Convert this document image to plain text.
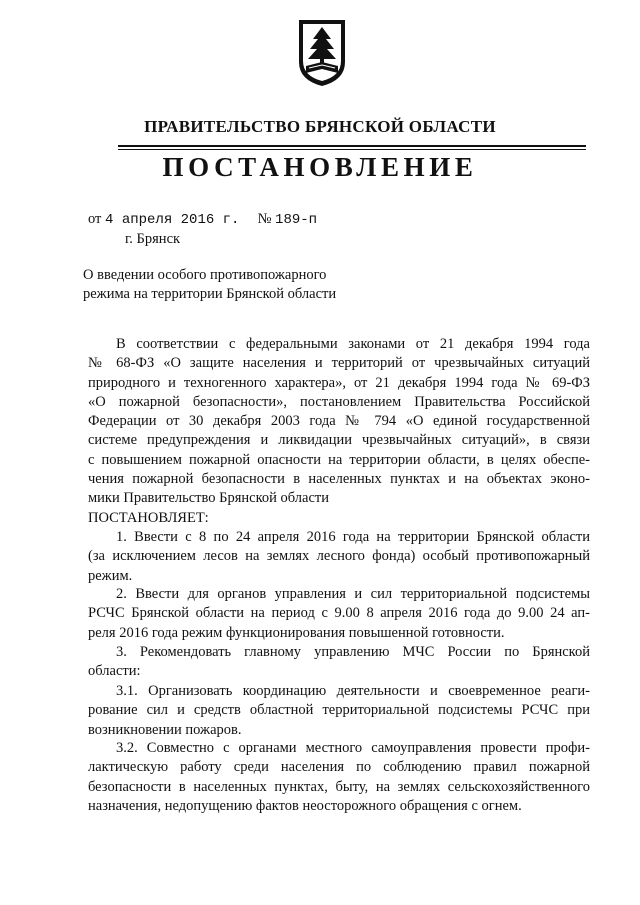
ПРАВИТЕЛЬСТВО БРЯНСКОЙ ОБЛАСТИ
ПОСТАНОВЛЕНИЕ
от 4 апреля 2016 г. № 189-п
г. Брянск
О введении особого противопожарного
режима на территории Брянской области
В соответствии с федеральными законами от 21 декабря 1994 года
№ 68-ФЗ «О защите населения и территорий от чрезвычайных ситуаций
природного и техногенного характера», от 21 декабря 1994 года № 69-ФЗ
«О пожарной безопасности», постановлением Правительства Российской
Федерации от 30 декабря 2003 года № 794 «О единой государственной
системе предупреждения и ликвидации чрезвычайных ситуаций», в связи
с повышением пожарной опасности на территории области, в целях обеспе-
чения пожарной безопасности в населенных пунктах и на объектах эконо-
мики Правительство Брянской области
ПОСТАНОВЛЯЕТ:
1. Ввести с 8 по 24 апреля 2016 года на территории Брянской области
(за исключением лесов на землях лесного фонда) особый противопожарный
режим.
2. Ввести для органов управления и сил территориальной подсистемы
РСЧС Брянской области на период с 9.00 8 апреля 2016 года до 9.00 24 ап-
реля 2016 года режим функционирования повышенной готовности.
3. Рекомендовать главному управлению МЧС России по Брянской
области:
3.1. Организовать координацию деятельности и своевременное реаги-
рование сил и средств областной территориальной подсистемы РСЧС при
возникновении пожаров.
3.2. Совместно с органами местного самоуправления провести профи-
лактическую работу среди населения по соблюдению правил пожарной
безопасности в населенных пунктах, быту, на землях сельскохозяйственного
назначения, недопущению фактов неосторожного обращения с огнем.
